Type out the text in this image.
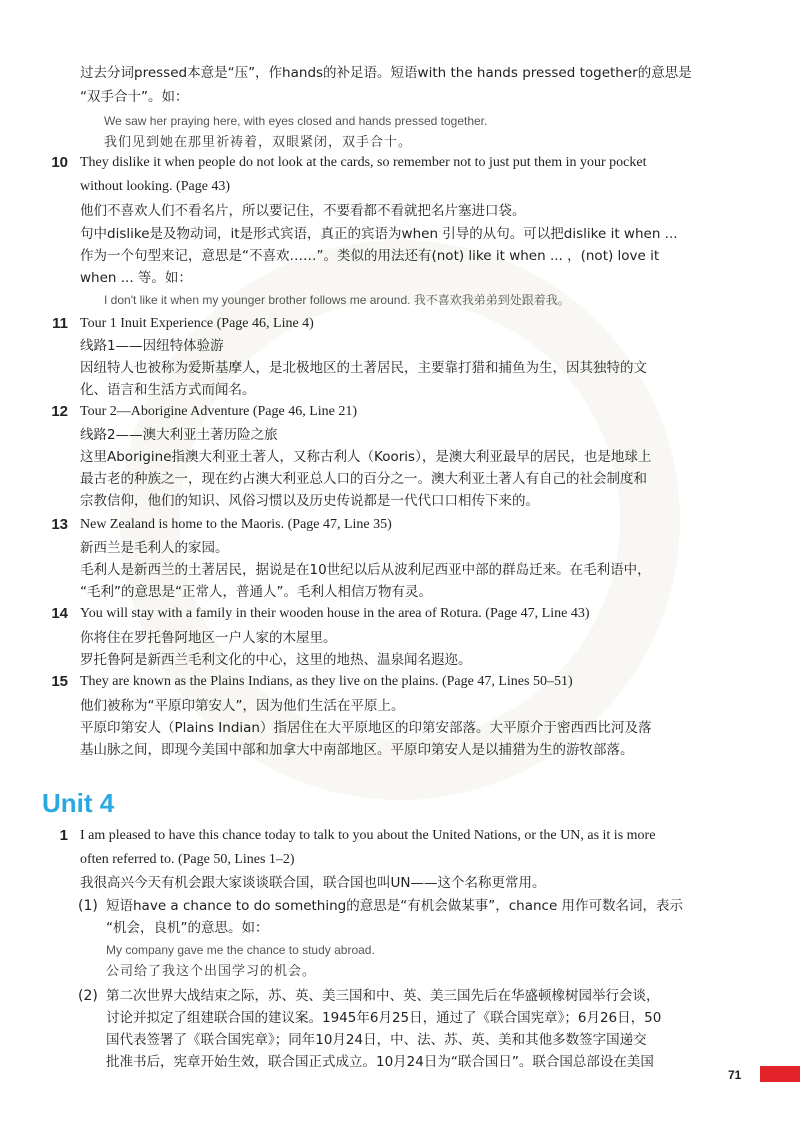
过去分词pressed本意是“压”，作hands的补足语。短语with the hands pressed together的意思是
“双手合十”。如：
We saw her praying here, with eyes closed and hands pressed together.
我们见到她在那里祈祷着，双眼紧闭，双手合十。
10 They dislike it when people do not look at the cards, so remember not to just put them in your pocket
without looking. (Page 43)
他们不喜欢人们不看名片，所以要记住，不要看都不看就把名片塞进口袋。
句中dislike是及物动词，it是形式宾语，真正的宾语为when 引导的从句。可以把dislike it when ...
作为一个句型来记，意思是“不喜欢……”。类似的用法还有(not) like it when ... ，(not) love it
when ... 等。如：
I don't like it when my younger brother follows me around. 我不喜欢我弟弟到处跟着我。
11 Tour 1 Inuit Experience (Page 46, Line 4)
线路1——因纽特体验游
因纽特人也被称为爱斯基摩人，是北极地区的土著居民，主要靠打猎和捕鱼为生，因其独特的文
化、语言和生活方式而闻名。
12 Tour 2—Aborigine Adventure (Page 46, Line 21)
线路2——澳大利亚土著历险之旅
这里Aborigine指澳大利亚土著人，又称古利人（Kooris），是澳大利亚最早的居民，也是地球上
最古老的种族之一，现在约占澳大利亚总人口的百分之一。澳大利亚土著人有自己的社会制度和
宗教信仰，他们的知识、风俗习惯以及历史传说都是一代代口口相传下来的。
13 New Zealand is home to the Maoris. (Page 47, Line 35)
新西兰是毛利人的家园。
毛利人是新西兰的土著居民，据说是在10世纪以后从波利尼西亚中部的群岛迁来。在毛利语中，
“毛利”的意思是“正常人，普通人”。毛利人相信万物有灵。
14 You will stay with a family in their wooden house in the area of Rotura. (Page 47, Line 43)
你将住在罗托鲁阿地区一户人家的木屋里。
罗托鲁阿是新西兰毛利文化的中心，这里的地热、温泉闻名遐迩。
15 They are known as the Plains Indians, as they live on the plains. (Page 47, Lines 50–51)
他们被称为“平原印第安人”，因为他们生活在平原上。
平原印第安人（Plains Indian）指居住在大平原地区的印第安部落。大平原介于密西西比河及落
基山脉之间，即现今美国中部和加拿大中南部地区。平原印第安人是以捕猎为生的游牧部落。
Unit 4
1 I am pleased to have this chance today to talk to you about the United Nations, or the UN, as it is more
often referred to. (Page 50, Lines 1–2)
我很高兴今天有机会跟大家谈谈联合国，联合国也叫UN——这个名称更常用。
(1) 短语have a chance to do something的意思是“有机会做某事”，chance 用作可数名词，表示
“机会，良机”的意思。如：
My company gave me the chance to study abroad.
公司给了我这个出国学习的机会。
(2) 第二次世界大战结束之际，苏、英、美三国和中、英、美三国先后在华盛顿橡树园举行会谈，
讨论并拟定了组建联合国的建议案。1945年6月25日，通过了《联合国宪章》；6月26日，50
国代表签署了《联合国宪章》；同年10月24日，中、法、苏、英、美和其他多数签字国递交
批准书后，宪章开始生效，联合国正式成立。10月24日为“联合国日”。联合国总部设在美国
71
